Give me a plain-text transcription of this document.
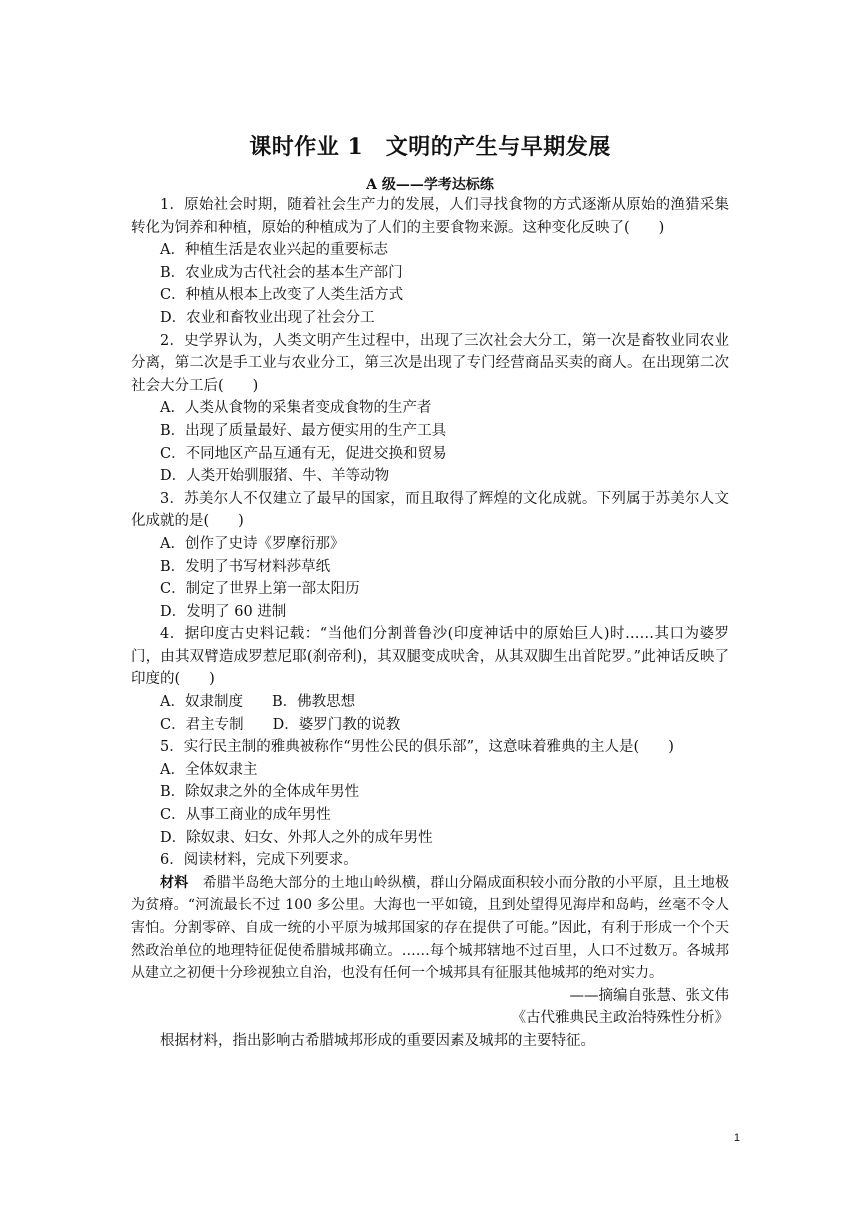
课时作业 1　文明的产生与早期发展
A 级——学考达标练

1．原始社会时期，随着社会生产力的发展，人们寻找食物的方式逐渐从原始的渔猎采集转化为饲养和种植，原始的种植成为了人们的主要食物来源。这种变化反映了(　　)

A．种植生活是农业兴起的重要标志

B．农业成为古代社会的基本生产部门

C．种植从根本上改变了人类生活方式

D．农业和畜牧业出现了社会分工

2．史学界认为，人类文明产生过程中，出现了三次社会大分工，第一次是畜牧业同农业分离，第二次是手工业与农业分工，第三次是出现了专门经营商品买卖的商人。在出现第二次社会大分工后(　　)

A．人类从食物的采集者变成食物的生产者

B．出现了质量最好、最方便实用的生产工具

C．不同地区产品互通有无，促进交换和贸易

D．人类开始驯服猪、牛、羊等动物

3．苏美尔人不仅建立了最早的国家，而且取得了辉煌的文化成就。下列属于苏美尔人文化成就的是(　　)

A．创作了史诗《罗摩衍那》

B．发明了书写材料莎草纸

C．制定了世界上第一部太阳历

D．发明了 60 进制

4．据印度古史料记载：“当他们分割普鲁沙(印度神话中的原始巨人)时……其口为婆罗门，由其双臂造成罗惹尼耶(刹帝利)，其双腿变成吠舍，从其双脚生出首陀罗。”此神话反映了印度的(　　)

A．奴隶制度　　B．佛教思想

C．君主专制　　D．婆罗门教的说教

5．实行民主制的雅典被称作“男性公民的俱乐部”，这意味着雅典的主人是(　　)

A．全体奴隶主

B．除奴隶之外的全体成年男性

C．从事工商业的成年男性

D．除奴隶、妇女、外邦人之外的成年男性

6．阅读材料，完成下列要求。

材料　希腊半岛绝大部分的土地山岭纵横，群山分隔成面积较小而分散的小平原，且土地极为贫瘠。“河流最长不过 100 多公里。大海也一平如镜，且到处望得见海岸和岛屿，丝毫不令人害怕。分割零碎、自成一统的小平原为城邦国家的存在提供了可能。”因此，有利于形成一个个天然政治单位的地理特征促使希腊城邦确立。……每个城邦辖地不过百里，人口不过数万。各城邦从建立之初便十分珍视独立自治，也没有任何一个城邦具有征服其他城邦的绝对实力。

——摘编自张慧、张文伟

《古代雅典民主政治特殊性分析》

根据材料，指出影响古希腊城邦形成的重要因素及城邦的主要特征。

1
